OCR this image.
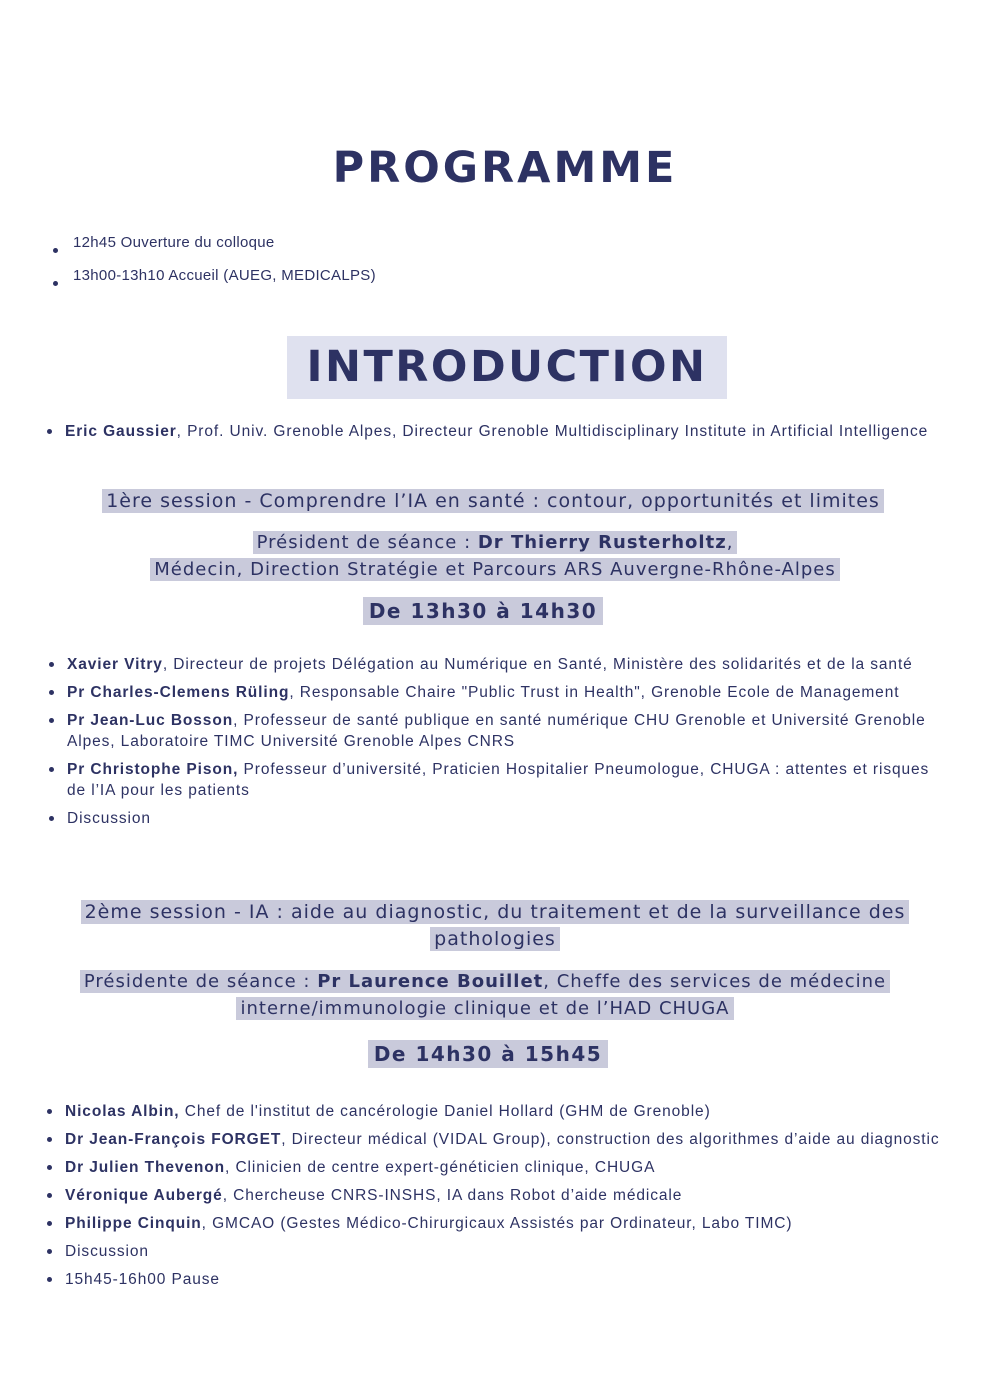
PROGRAMME
12h45 Ouverture du colloque
13h00-13h10 Accueil (AUEG, MEDICALPS)
INTRODUCTION
Eric Gaussier, Prof. Univ. Grenoble Alpes, Directeur Grenoble Multidisciplinary Institute in Artificial Intelligence
1ère session - Comprendre l’IA en santé : contour, opportunités et limites
Président de séance : Dr Thierry Rusterholtz,
Médecin, Direction Stratégie et Parcours ARS Auvergne-Rhône-Alpes
De 13h30 à 14h30
Xavier Vitry, Directeur de projets Délégation au Numérique en Santé, Ministère des solidarités et de la santé
Pr Charles-Clemens Rüling, Responsable Chaire "Public Trust in Health", Grenoble Ecole de Management
Pr Jean-Luc Bosson, Professeur de santé publique en santé numérique CHU Grenoble et Université Grenoble Alpes, Laboratoire TIMC Université Grenoble Alpes CNRS
Pr Christophe Pison, Professeur d’université, Praticien Hospitalier Pneumologue, CHUGA : attentes et risques de l’IA pour les patients
Discussion
2ème session - IA : aide au diagnostic, du traitement et de la surveillance des pathologies
Présidente de séance : Pr Laurence Bouillet, Cheffe des services de médecine interne/immunologie clinique et de l’HAD CHUGA
De 14h30 à 15h45
Nicolas Albin, Chef de l'institut de cancérologie Daniel Hollard (GHM de Grenoble)
Dr Jean-François FORGET, Directeur médical (VIDAL Group), construction des algorithmes d’aide au diagnostic
Dr Julien Thevenon, Clinicien de centre expert-généticien clinique, CHUGA
Véronique Aubergé, Chercheuse CNRS-INSHS, IA dans Robot d’aide médicale
Philippe Cinquin, GMCAO (Gestes Médico-Chirurgicaux Assistés par Ordinateur, Labo TIMC)
Discussion
15h45-16h00 Pause
